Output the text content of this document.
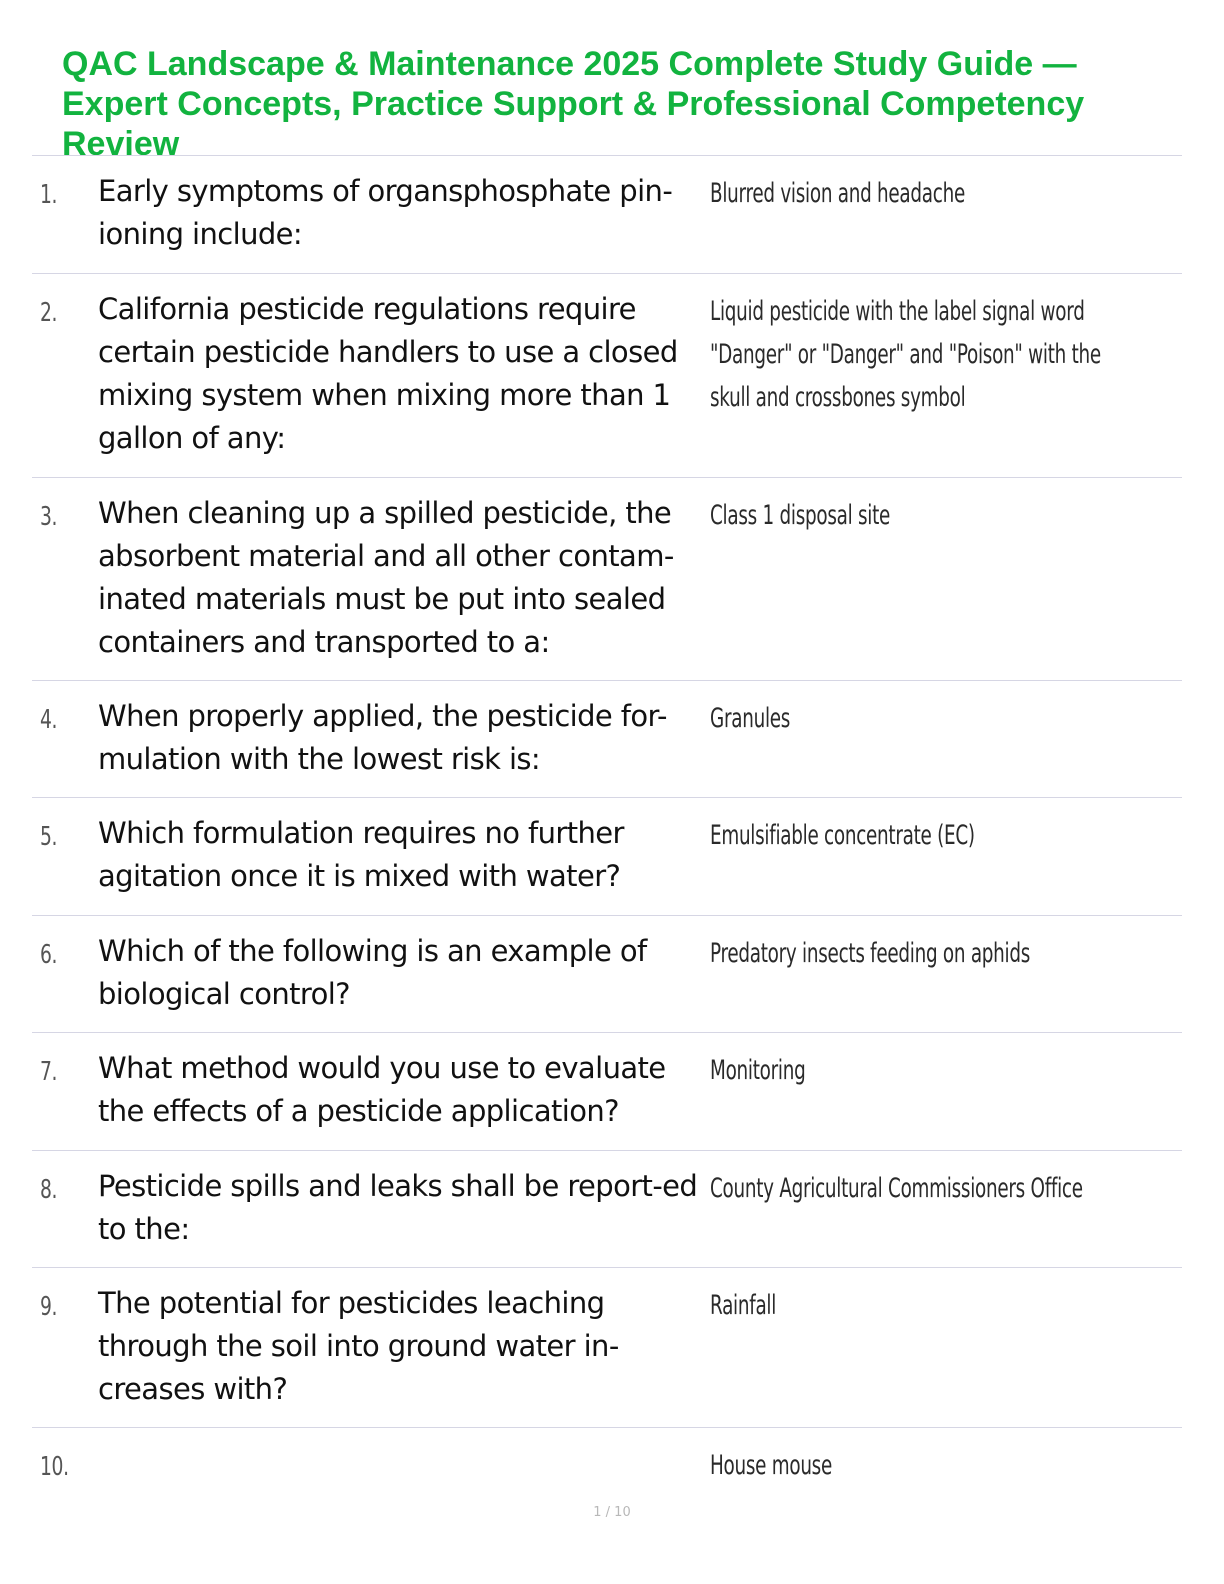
QAC Landscape & Maintenance 2025 Complete Study Guide — Expert Concepts, Practice Support & Professional Competency Review
1. Early symptoms of organsphosphate pin-ioning include:
Blurred vision and headache
2. California pesticide regulations require certain pesticide handlers to use a closed mixing system when mixing more than 1 gallon of any:
Liquid pesticide with the label signal word "Danger" or "Danger" and "Poison" with the skull and crossbones symbol
3. When cleaning up a spilled pesticide, the absorbent material and all other contam-inated materials must be put into sealed containers and transported to a:
Class 1 disposal site
4. When properly applied, the pesticide for-mulation with the lowest risk is:
Granules
5. Which formulation requires no further agitation once it is mixed with water?
Emulsifiable concentrate (EC)
6. Which of the following is an example of biological control?
Predatory insects feeding on aphids
7. What method would you use to evaluate the effects of a pesticide application?
Monitoring
8. Pesticide spills and leaks shall be report-ed to the:
County Agricultural Commissioners Office
9. The potential for pesticides leaching through the soil into ground water in-creases with?
Rainfall
10.	House mouse
1 / 10
